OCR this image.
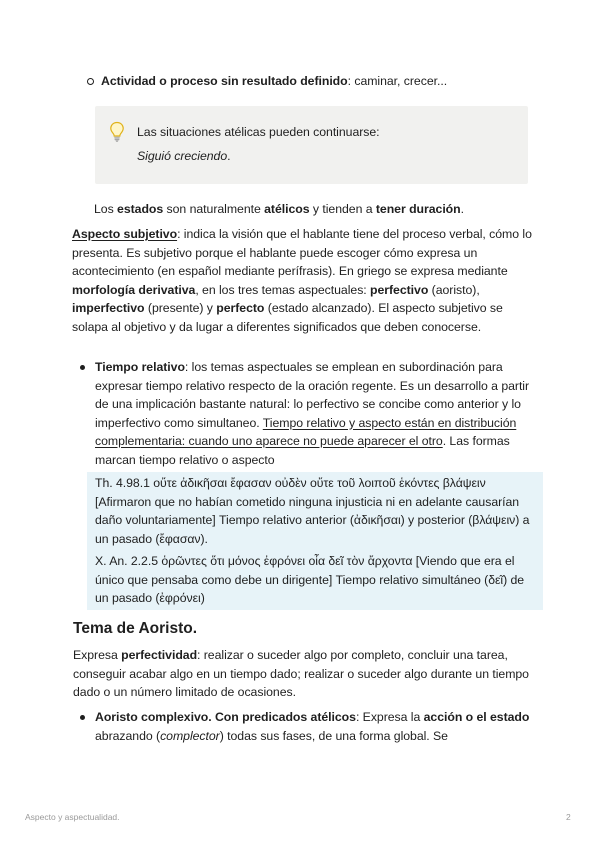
Actividad o proceso sin resultado definido: caminar, crecer...
Las situaciones atélicas pueden continuarse:
Siguió creciendo.
Los estados son naturalmente atélicos y tienden a tener duración.
Aspecto subjetivo: indica la visión que el hablante tiene del proceso verbal, cómo lo presenta. Es subjetivo porque el hablante puede escoger cómo expresa un acontecimiento (en español mediante perífrasis). En griego se expresa mediante morfología derivativa, en los tres temas aspectuales: perfectivo (aoristo), imperfectivo (presente) y perfecto (estado alcanzado). El aspecto subjetivo se solapa al objetivo y da lugar a diferentes significados que deben conocerse.
Tiempo relativo: los temas aspectuales se emplean en subordinación para expresar tiempo relativo respecto de la oración regente. Es un desarrollo a partir de una implicación bastante natural: lo perfectivo se concibe como anterior y lo imperfectivo como simultaneo. Tiempo relativo y aspecto están en distribución complementaria: cuando uno aparece no puede aparecer el otro. Las formas marcan tiempo relativo o aspecto
Th. 4.98.1 οὔτε ἀδικῆσαι ἔφασαν οὐδὲν οὔτε τοῦ λοιποῦ ἑκόντες βλάψειν [Afirmaron que no habían cometido ninguna injusticia ni en adelante causarían daño voluntariamente] Tiempo relativo anterior (ἀδικῆσαι) y posterior (βλάψειν) a un pasado (ἔφασαν).
X. An. 2.2.5 ὁρῶντες ὅτι μόνος ἐφρόνει οἷα δεῖ τὸν ἄρχοντα [Viendo que era el único que pensaba como debe un dirigente] Tiempo relativo simultáneo (δεῖ) de un pasado (ἐφρόνει)
Tema de Aoristo.
Expresa perfectividad: realizar o suceder algo por completo, concluir una tarea, conseguir acabar algo en un tiempo dado; realizar o suceder algo durante un tiempo dado o un número limitado de ocasiones.
Aoristo complexivo. Con predicados atélicos: Expresa la acción o el estado abrazando (complector) todas sus fases, de una forma global. Se
Aspecto y aspectualidad.	2
